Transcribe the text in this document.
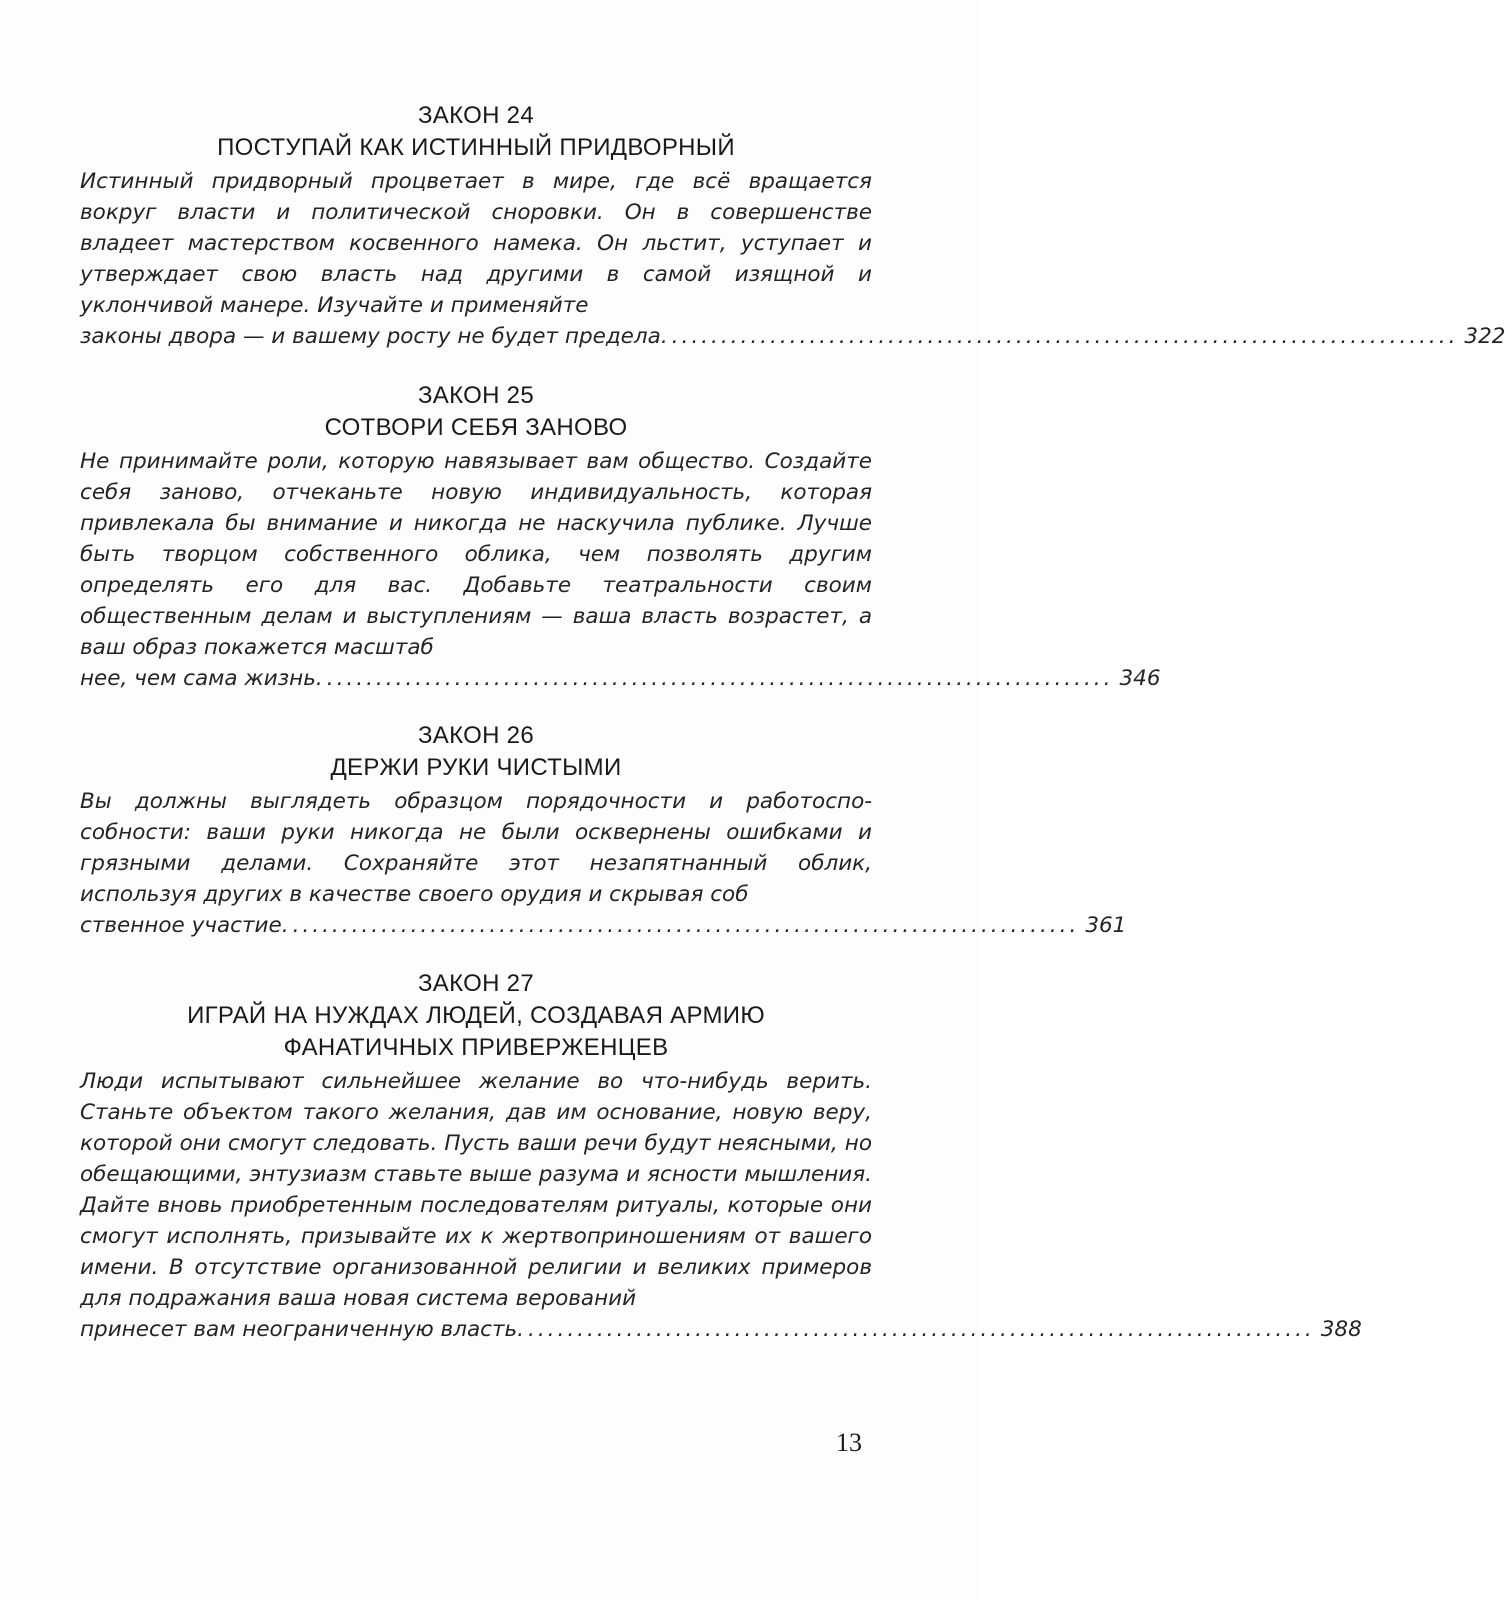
ЗАКОН 24
ПОСТУПАЙ КАК ИСТИННЫЙ ПРИДВОРНЫЙ
Истинный придворный процветает в мире, где всё вращается вокруг власти и политической сноровки. Он в совершенстве владеет мастерством косвенного намека. Он льстит, уступает и утверждает свою власть над другими в самой изящной и уклончивой манере. Изучайте и применяйте
законы двора — и вашему росту не будет предела. ................................................................................ 322
ЗАКОН 25
СОТВОРИ СЕБЯ ЗАНОВО
Не принимайте роли, которую навязывает вам общество. Создайте себя заново, отчеканьте новую индивидуальность, которая привлекала бы внимание и никогда не наскучила публике. Лучше быть творцом собственного облика, чем позволять другим определять его для вас. Добавьте театральности своим общественным делам и выступлениям — ваша власть возрастет, а ваш образ покажется масштаб
нее, чем сама жизнь. ................................................................................ 346
ЗАКОН 26
ДЕРЖИ РУКИ ЧИСТЫМИ
Вы должны выглядеть образцом порядочности и работоспособности: ваши руки никогда не были осквернены ошибками и грязными делами. Сохраняйте этот незапятнанный облик, используя других в качестве своего орудия и скрывая соб
ственное участие. ................................................................................ 361
ЗАКОН 27
ИГРАЙ НА НУЖДАХ ЛЮДЕЙ, СОЗДАВАЯ АРМИЮ ФАНАТИЧНЫХ ПРИВЕРЖЕНЦЕВ
Люди испытывают сильнейшее желание во что-нибудь верить. Станьте объектом такого желания, дав им основание, новую веру, которой они смогут следовать. Пусть ваши речи будут неясными, но обещающими, энтузиазм ставьте выше разума и ясности мышления. Дайте вновь приобретенным последователям ритуалы, которые они смогут исполнять, призывайте их к жертвоприношениям от вашего имени. В отсутствие организованной религии и великих примеров для подражания ваша новая система верований
принесет вам неограниченную власть. ................................................................................ 388
13
